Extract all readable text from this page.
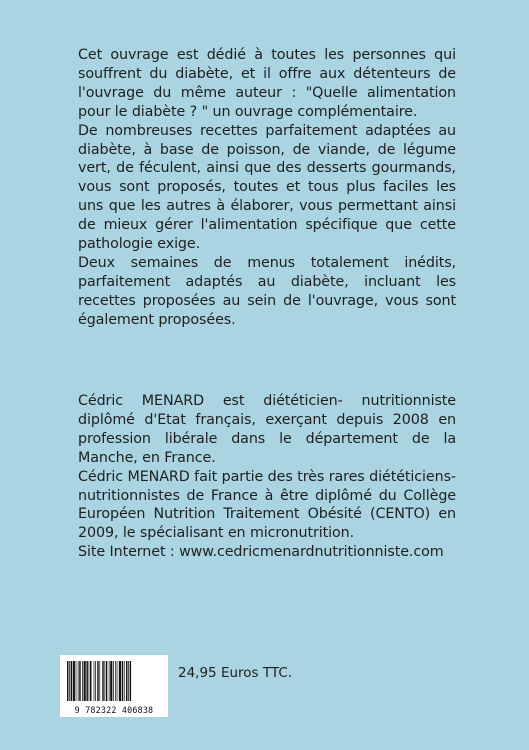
Cet ouvrage est dédié à toutes les personnes qui souffrent du diabète, et il offre aux détenteurs de l'ouvrage du même auteur : "Quelle alimentation pour le diabète ? " un ouvrage complémentaire.

De nombreuses recettes parfaitement adaptées au diabète, à base de poisson, de viande, de légume vert, de féculent, ainsi que des desserts gourmands, vous sont proposés, toutes et tous plus faciles les uns que les autres à élaborer, vous permettant ainsi de mieux gérer l'alimentation spécifique que cette pathologie exige.

Deux semaines de menus totalement inédits, parfaitement adaptés au diabète, incluant les recettes proposées au sein de l'ouvrage, vous sont également proposées.

Cédric MENARD est diététicien- nutritionniste diplômé d'Etat français, exerçant depuis 2008 en profession libérale dans le département de la Manche, en France.

Cédric MENARD fait partie des très rares diététiciens-nutritionnistes de France à être diplômé du Collège Européen Nutrition Traitement Obésité (CENTO) en 2009, le spécialisant en micronutrition.

Site Internet : www.cedricmenardnutritionniste.com

9 782322 406838
24,95 Euros TTC.
